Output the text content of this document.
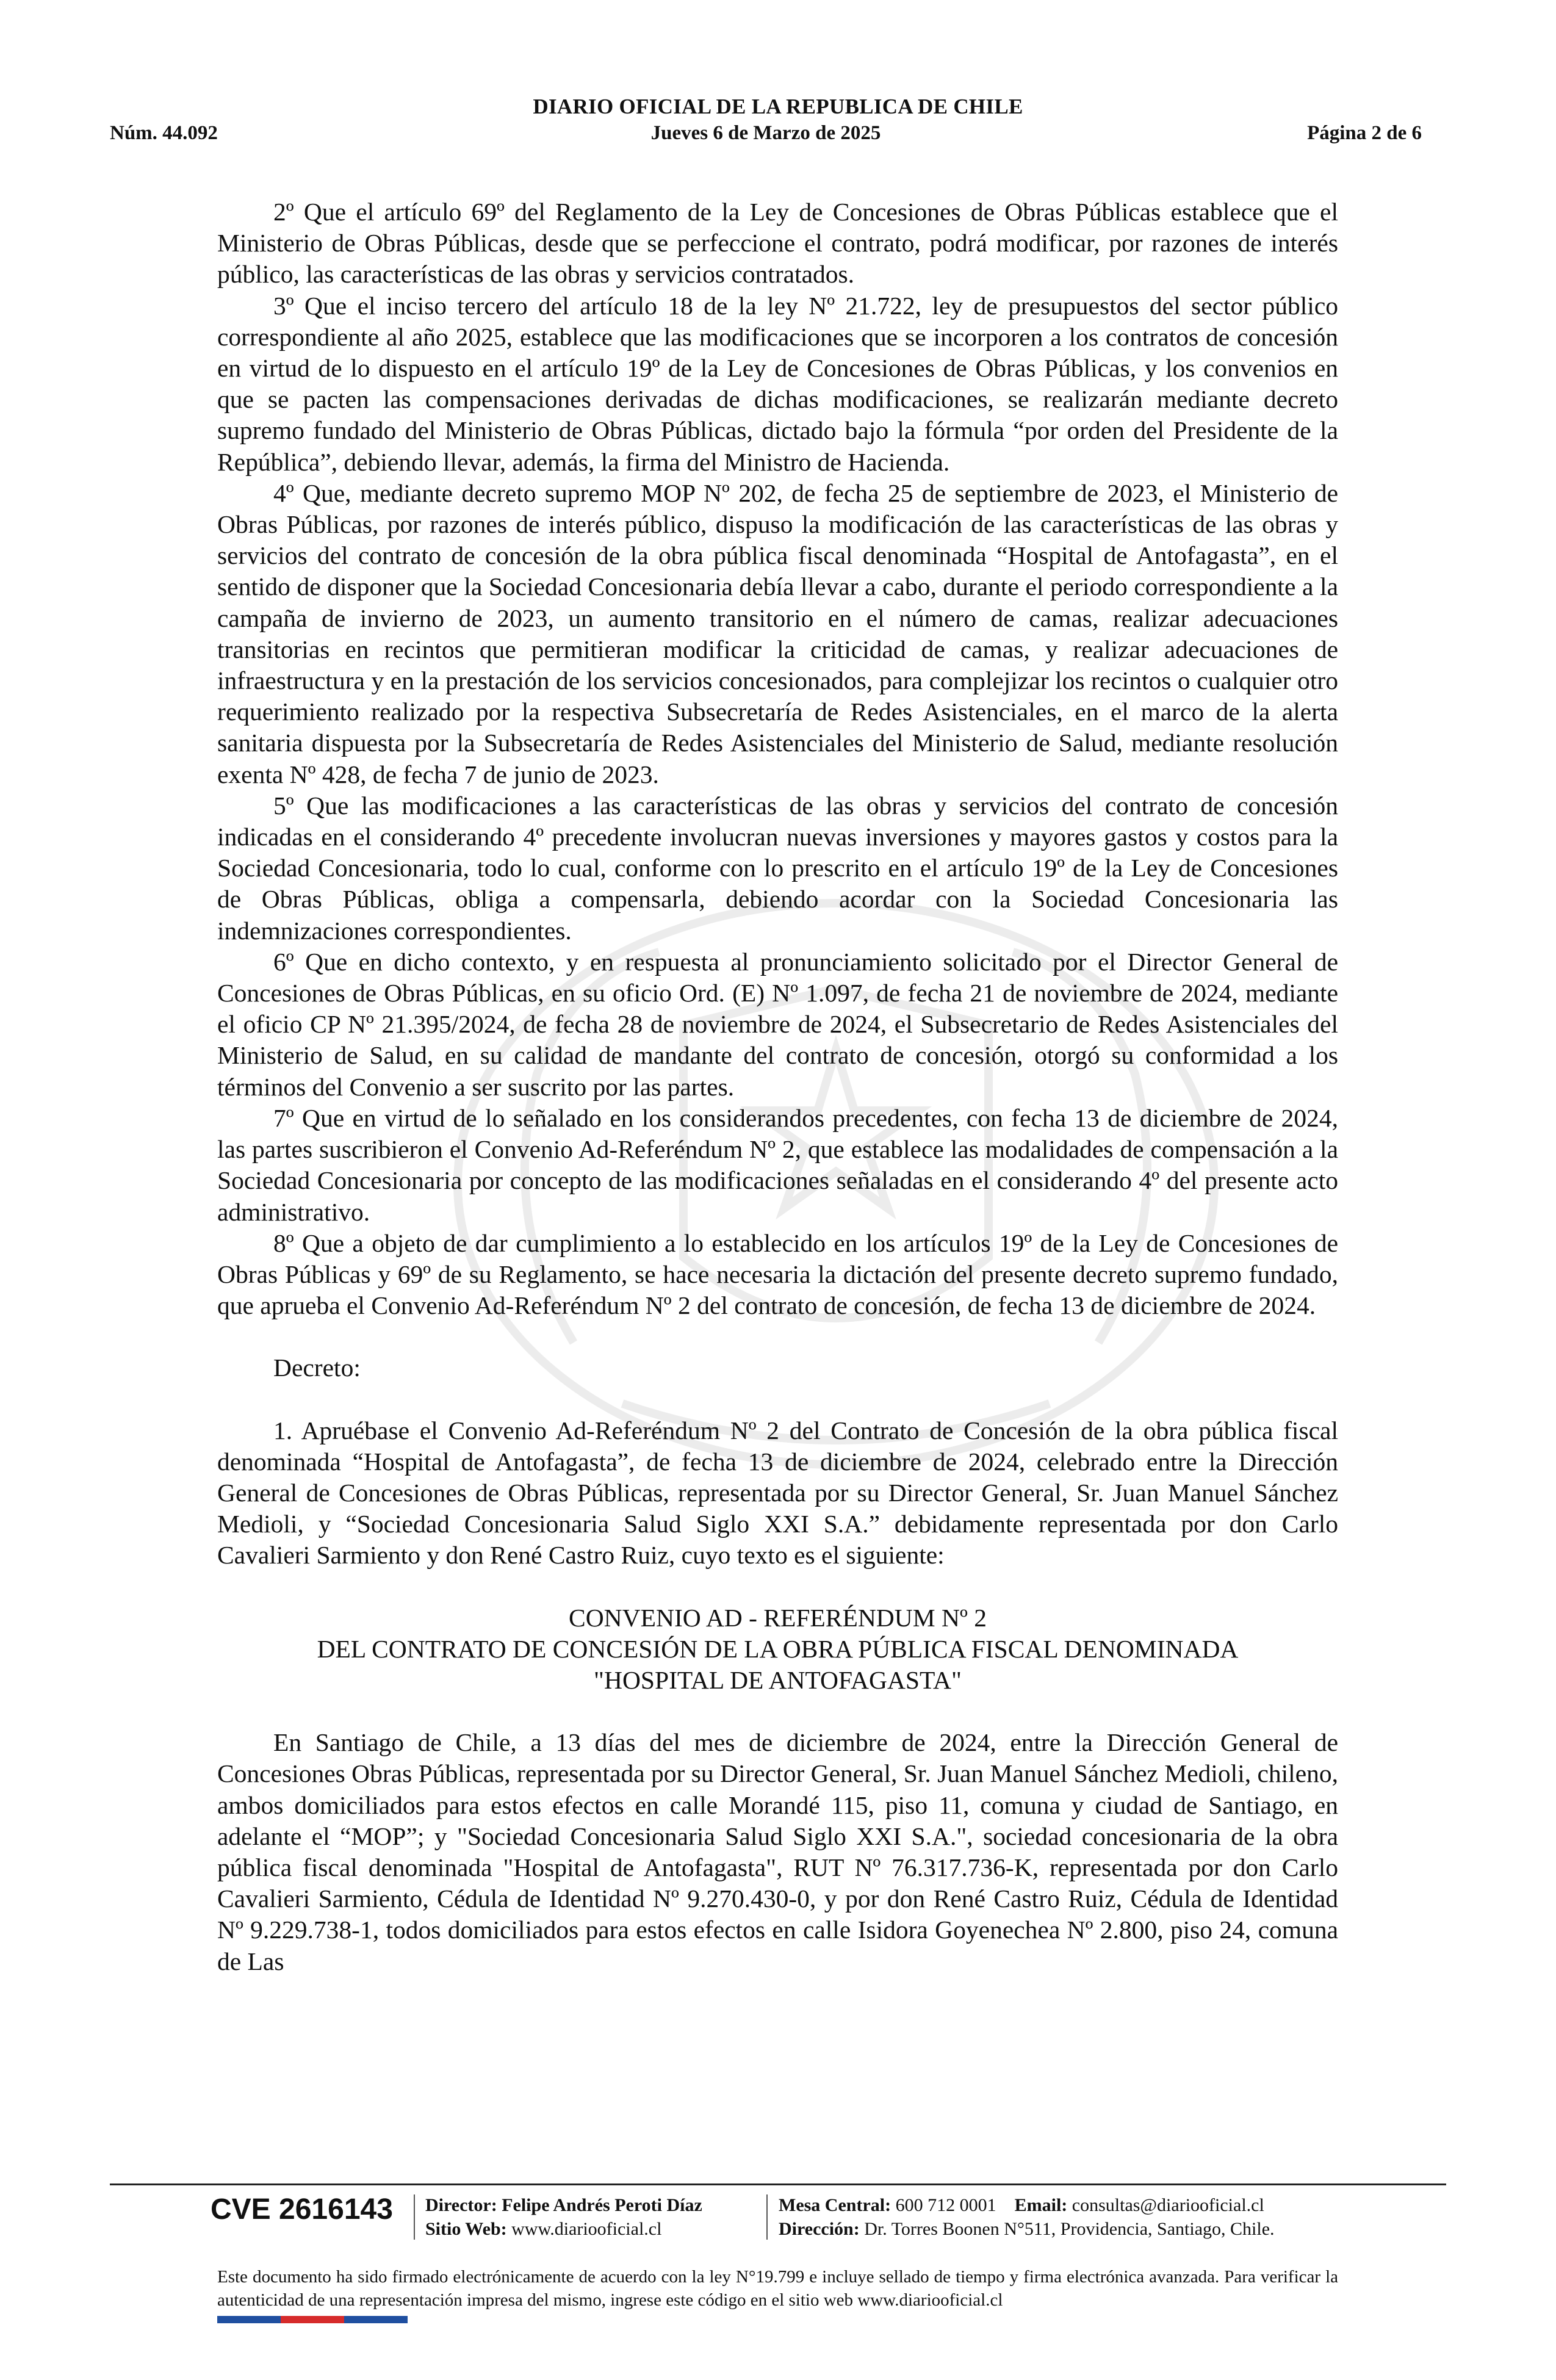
DIARIO OFICIAL DE LA REPUBLICA DE CHILE
Núm. 44.092	Jueves 6 de Marzo de 2025	Página 2 de 6

2º Que el artículo 69º del Reglamento de la Ley de Concesiones de Obras Públicas establece que el Ministerio de Obras Públicas, desde que se perfeccione el contrato, podrá modificar, por razones de interés público, las características de las obras y servicios contratados.

3º Que el inciso tercero del artículo 18 de la ley Nº 21.722, ley de presupuestos del sector público correspondiente al año 2025, establece que las modificaciones que se incorporen a los contratos de concesión en virtud de lo dispuesto en el artículo 19º de la Ley de Concesiones de Obras Públicas, y los convenios en que se pacten las compensaciones derivadas de dichas modificaciones, se realizarán mediante decreto supremo fundado del Ministerio de Obras Públicas, dictado bajo la fórmula “por orden del Presidente de la República”, debiendo llevar, además, la firma del Ministro de Hacienda.

4º Que, mediante decreto supremo MOP Nº 202, de fecha 25 de septiembre de 2023, el Ministerio de Obras Públicas, por razones de interés público, dispuso la modificación de las características de las obras y servicios del contrato de concesión de la obra pública fiscal denominada “Hospital de Antofagasta”, en el sentido de disponer que la Sociedad Concesionaria debía llevar a cabo, durante el periodo correspondiente a la campaña de invierno de 2023, un aumento transitorio en el número de camas, realizar adecuaciones transitorias en recintos que permitieran modificar la criticidad de camas, y realizar adecuaciones de infraestructura y en la prestación de los servicios concesionados, para complejizar los recintos o cualquier otro requerimiento realizado por la respectiva Subsecretaría de Redes Asistenciales, en el marco de la alerta sanitaria dispuesta por la Subsecretaría de Redes Asistenciales del Ministerio de Salud, mediante resolución exenta Nº 428, de fecha 7 de junio de 2023.

5º Que las modificaciones a las características de las obras y servicios del contrato de concesión indicadas en el considerando 4º precedente involucran nuevas inversiones y mayores gastos y costos para la Sociedad Concesionaria, todo lo cual, conforme con lo prescrito en el artículo 19º de la Ley de Concesiones de Obras Públicas, obliga a compensarla, debiendo acordar con la Sociedad Concesionaria las indemnizaciones correspondientes.

6º Que en dicho contexto, y en respuesta al pronunciamiento solicitado por el Director General de Concesiones de Obras Públicas, en su oficio Ord. (E) Nº 1.097, de fecha 21 de noviembre de 2024, mediante el oficio CP Nº 21.395/2024, de fecha 28 de noviembre de 2024, el Subsecretario de Redes Asistenciales del Ministerio de Salud, en su calidad de mandante del contrato de concesión, otorgó su conformidad a los términos del Convenio a ser suscrito por las partes.

7º Que en virtud de lo señalado en los considerandos precedentes, con fecha 13 de diciembre de 2024, las partes suscribieron el Convenio Ad-Referéndum Nº 2, que establece las modalidades de compensación a la Sociedad Concesionaria por concepto de las modificaciones señaladas en el considerando 4º del presente acto administrativo.

8º Que a objeto de dar cumplimiento a lo establecido en los artículos 19º de la Ley de Concesiones de Obras Públicas y 69º de su Reglamento, se hace necesaria la dictación del presente decreto supremo fundado, que aprueba el Convenio Ad-Referéndum Nº 2 del contrato de concesión, de fecha 13 de diciembre de 2024.

Decreto:

1. Apruébase el Convenio Ad-Referéndum Nº 2 del Contrato de Concesión de la obra pública fiscal denominada “Hospital de Antofagasta”, de fecha 13 de diciembre de 2024, celebrado entre la Dirección General de Concesiones de Obras Públicas, representada por su Director General, Sr. Juan Manuel Sánchez Medioli, y “Sociedad Concesionaria Salud Siglo XXI S.A.” debidamente representada por don Carlo Cavalieri Sarmiento y don René Castro Ruiz, cuyo texto es el siguiente:

CONVENIO AD - REFERÉNDUM Nº 2
DEL CONTRATO DE CONCESIÓN DE LA OBRA PÚBLICA FISCAL DENOMINADA
"HOSPITAL DE ANTOFAGASTA"

En Santiago de Chile, a 13 días del mes de diciembre de 2024, entre la Dirección General de Concesiones Obras Públicas, representada por su Director General, Sr. Juan Manuel Sánchez Medioli, chileno, ambos domiciliados para estos efectos en calle Morandé 115, piso 11, comuna y ciudad de Santiago, en adelante el “MOP”; y "Sociedad Concesionaria Salud Siglo XXI S.A.", sociedad concesionaria de la obra pública fiscal denominada "Hospital de Antofagasta", RUT Nº 76.317.736-K, representada por don Carlo Cavalieri Sarmiento, Cédula de Identidad Nº 9.270.430-0, y por don René Castro Ruiz, Cédula de Identidad Nº 9.229.738-1, todos domiciliados para estos efectos en calle Isidora Goyenechea Nº 2.800, piso 24, comuna de Las

CVE 2616143 Director: Felipe Andrés Peroti Díaz
Sitio Web: www.diariooficial.cl
Mesa Central: 600 712 0001 Email: consultas@diariooficial.cl
Dirección: Dr. Torres Boonen N°511, Providencia, Santiago, Chile.
Este documento ha sido firmado electrónicamente de acuerdo con la ley N°19.799 e incluye sellado de tiempo y firma electrónica avanzada. Para verificar la autenticidad de una representación impresa del mismo, ingrese este código en el sitio web www.diariooficial.cl
